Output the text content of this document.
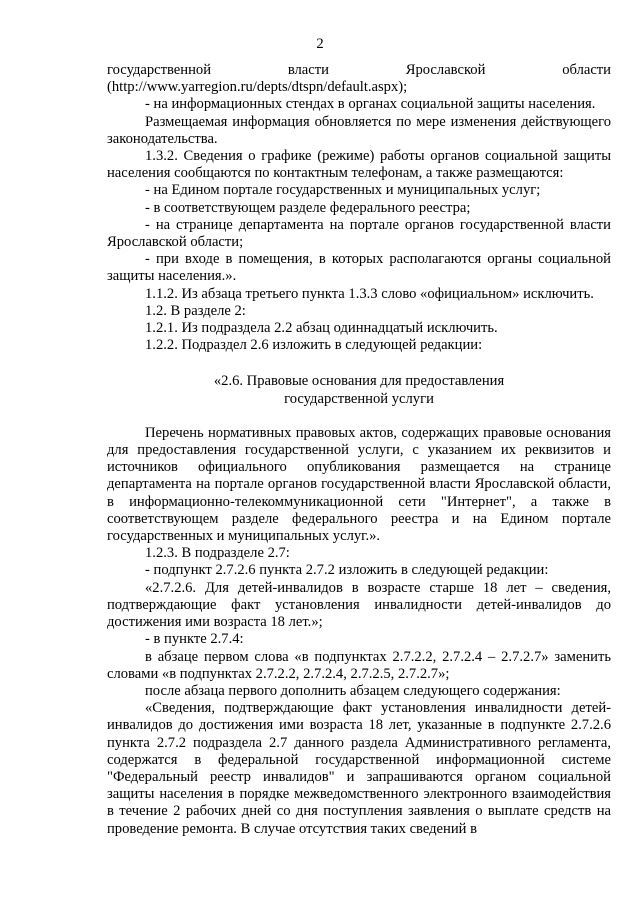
2

государственной власти Ярославской области (http://www.yarregion.ru/depts/dtspn/default.aspx);

- на информационных стендах в органах социальной защиты населения.

Размещаемая информация обновляется по мере изменения действующего законодательства.

1.3.2. Сведения о графике (режиме) работы органов социальной защиты населения сообщаются по контактным телефонам, а также размещаются:

- на Едином портале государственных и муниципальных услуг;

- в соответствующем разделе федерального реестра;

- на странице департамента на портале органов государственной власти Ярославской области;

- при входе в помещения, в которых располагаются органы социальной защиты населения.».

1.1.2. Из абзаца третьего пункта 1.3.3 слово «официальном» исключить.

1.2. В разделе 2:

1.2.1. Из подраздела 2.2 абзац одиннадцатый исключить.

1.2.2. Подраздел 2.6 изложить в следующей редакции:

«2.6. Правовые основания для предоставления государственной услуги

Перечень нормативных правовых актов, содержащих правовые основания для предоставления государственной услуги, с указанием их реквизитов и источников официального опубликования размещается на странице департамента на портале органов государственной власти Ярославской области, в информационно-телекоммуникационной сети "Интернет", а также в соответствующем разделе федерального реестра и на Едином портале государственных и муниципальных услуг.».

1.2.3. В подразделе 2.7:

- подпункт 2.7.2.6 пункта 2.7.2 изложить в следующей редакции:

«2.7.2.6. Для детей-инвалидов в возрасте старше 18 лет – сведения, подтверждающие факт установления инвалидности детей-инвалидов до достижения ими возраста 18 лет.»;

- в пункте 2.7.4:

в абзаце первом слова «в подпунктах 2.7.2.2, 2.7.2.4 – 2.7.2.7» заменить словами «в подпунктах 2.7.2.2, 2.7.2.4, 2.7.2.5, 2.7.2.7»;

после абзаца первого дополнить абзацем следующего содержания:

«Сведения, подтверждающие факт установления инвалидности детей-инвалидов до достижения ими возраста 18 лет, указанные в подпункте 2.7.2.6 пункта 2.7.2 подраздела 2.7 данного раздела Административного регламента, содержатся в федеральной государственной информационной системе "Федеральный реестр инвалидов" и запрашиваются органом социальной защиты населения в порядке межведомственного электронного взаимодействия в течение 2 рабочих дней со дня поступления заявления о выплате средств на проведение ремонта. В случае отсутствия таких сведений в
